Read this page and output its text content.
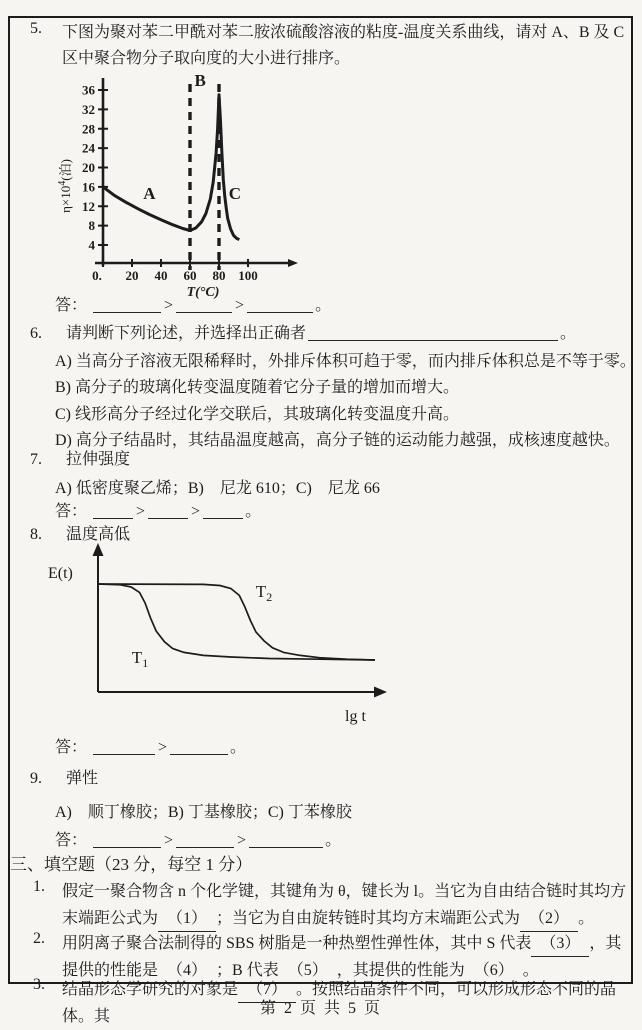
5.	下图为聚对苯二甲酰对苯二胺浓硫酸溶液的粘度-温度关系曲线，请对 A、B 及 C 区中聚合物分子取向度的大小进行排序。
4
8
12
16
20
24
28
32
36
0. 20 40 60 80 100
A
B
C
$\eta\times 10^4$(泊)
T(°C)
答：	>	>	。
6. 请判断下列论述，并选择出正确者	。
A) 当高分子溶液无限稀释时，外排斥体积可趋于零，而内排斥体积总是不等于零。
B) 高分子的玻璃化转变温度随着它分子量的增加而增大。
C) 线形高分子经过化学交联后，其玻璃化转变温度升高。
D) 高分子结晶时，其结晶温度越高，高分子链的运动能力越强，成核速度越快。
7. 拉伸强度
A) 低密度聚乙烯；B)　尼龙 610；C)　尼龙 66
答：	>	>	。
8. 温度高低
$T_1$
$T_2$
E(t)
lg t
答：	>	。
9. 弹性
A)　顺丁橡胶；B) 丁基橡胶；C) 丁苯橡胶
答：	>	>	。
三、填空题（23 分，每空 1 分）
1.	假定一聚合物含 n 个化学键，其键角为 θ，键长为 l。当它为自由结合链时其均方末端距公式为 （1） ；当它为自由旋转链时其均方末端距公式为 （2） 。
2.	用阴离子聚合法制得的 SBS 树脂是一种热塑性弹性体，其中 S 代表 （3） ，其提供的性能是 （4） ；B 代表 （5） ，其提供的性能为 （6） 。
3.	结晶形态学研究的对象是 （7） 。按照结晶条件不同，可以形成形态不同的晶体。其	第 2 页 共 5 页
